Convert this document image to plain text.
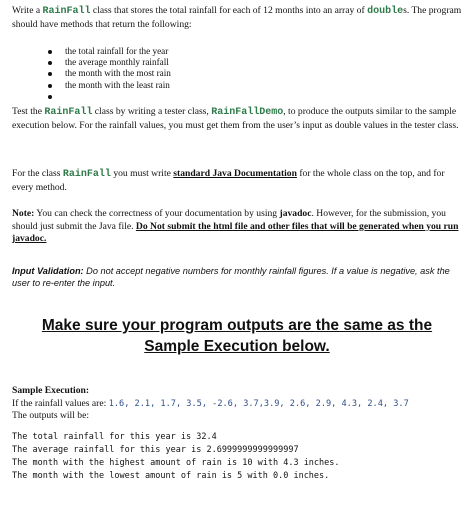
Write a RainFall class that stores the total rainfall for each of 12 months into an array of doubles. The program should have methods that return the following:

the total rainfall for the year
the average monthly rainfall
the month with the most rain
the month with the least rain

Test the RainFall class by writing a tester class, RainFallDemo, to produce the outputs similar to the sample execution below. For the rainfall values, you must get them from the user’s input as double values in the tester class.

For the class RainFall you must write standard Java Documentation for the whole class on the top, and for every method.

Note: You can check the correctness of your documentation by using javadoc. However, for the submission, you should just submit the Java file. Do Not submit the html file and other files that will be generated when you run javadoc.

Input Validation: Do not accept negative numbers for monthly rainfall figures. If a value is negative, ask the user to re-enter the input.

Make sure your program outputs are the same as the
Sample Execution below.

Sample Execution:

If the rainfall values are: 1.6, 2.1, 1.7, 3.5, -2.6, 3.7,3.9, 2.6, 2.9, 4.3, 2.4, 3.7

The outputs will be:

The total rainfall for this year is 32.4
The average rainfall for this year is 2.6999999999999997
The month with the highest amount of rain is 10 with 4.3 inches.
The month with the lowest amount of rain is 5 with 0.0 inches.
